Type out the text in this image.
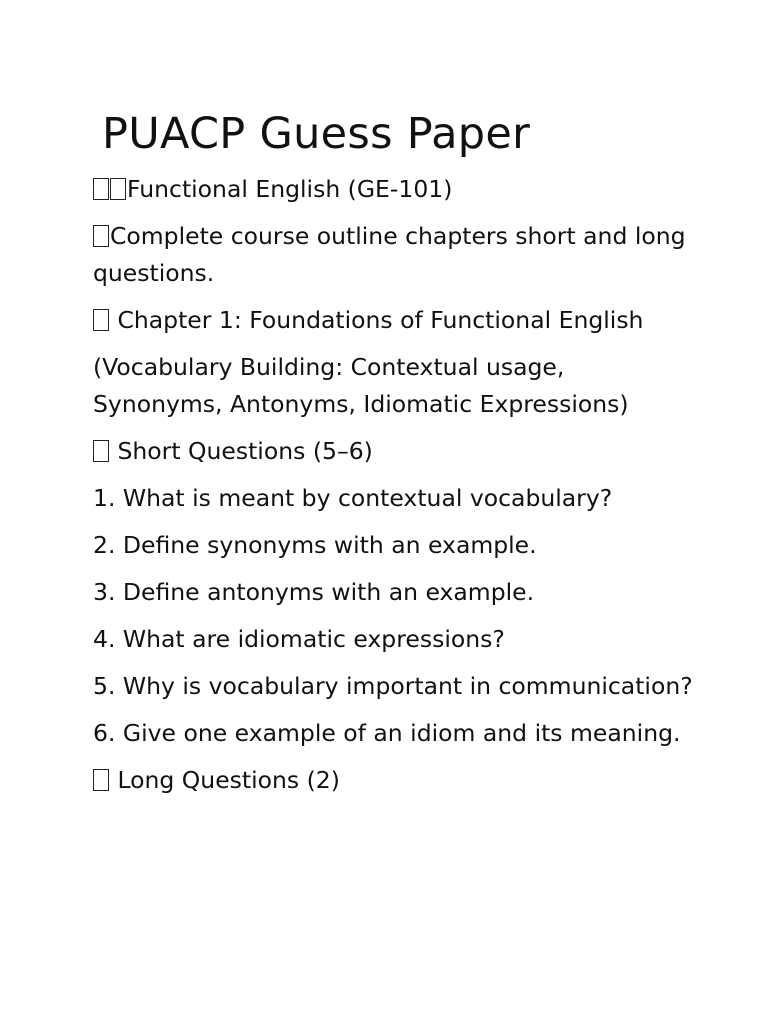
PUACP Guess Paper

Functional English (GE-101)

Complete course outline chapters short and long questions.

Chapter 1: Foundations of Functional English

(Vocabulary Building: Contextual usage, Synonyms, Antonyms, Idiomatic Expressions)

Short Questions (5–6)

1. What is meant by contextual vocabulary?

2. Define synonyms with an example.

3. Define antonyms with an example.

4. What are idiomatic expressions?

5. Why is vocabulary important in communication?

6. Give one example of an idiom and its meaning.

Long Questions (2)
